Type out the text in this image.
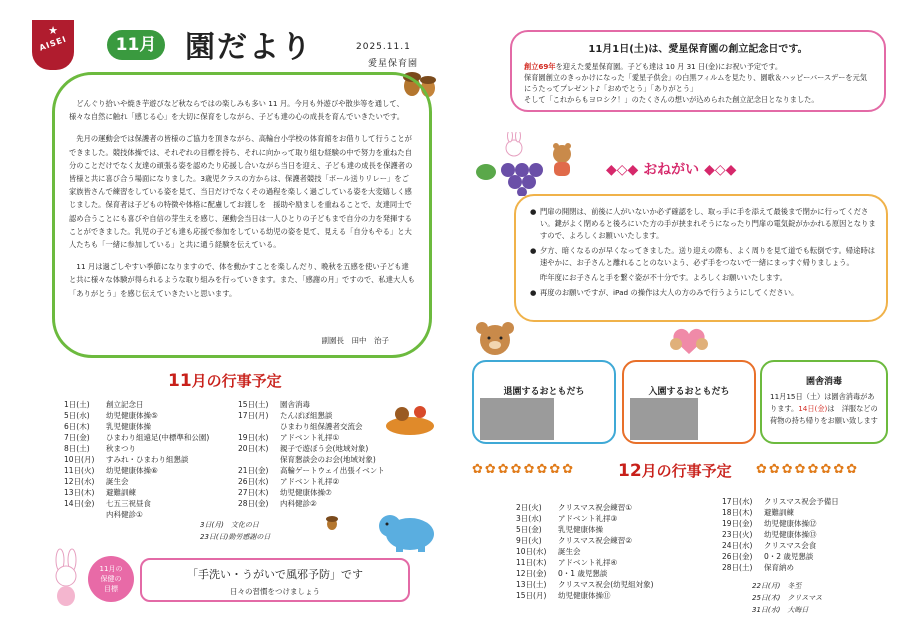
★
AISEI	11月 園だより	2025.11.1
愛星保育園

どんぐり拾いや焼き芋遊びなど秋ならではの楽しみも多い 11 月。今月も外遊びや散歩等を通して、様々な自然に触れ「感じる心」を大切に保育をしながら、子ども達の心の成長を育んでいきたいです。

先月の運動会では保護者の皆様のご協力を頂きながら、高輪台小学校の体育館をお借りして行うことができました。競技体操では、それぞれの目標を持ち、それに向かって取り組む経験の中で努力を重ねた自分のことだけでなく友達の頑張る姿を認めたり応援し合いながら当日を迎え、子ども達の成長を保護者の皆様と共に喜び合う場面になりました。3歳児クラスの方からは、保護者競技「ボール送りリレー」をご家族皆さんで練習をしている姿を見て、当日だけでなくその過程を楽しく過ごしている姿を大変嬉しく感じました。保育者は子どもの特徴や体格に配慮してお渡しを　援助や励ましを重ねることで、友達同士で認め合うことにも喜びや自信の芽生えを感じ、運動会当日は一人ひとりの子どもまで自分の力を発揮することができました。乳児の子ども達も応援で参加をしている幼児の姿を見て、見える「自分もやる」と大人たちも「一緒に参加している」と共に通う経験を伝えている。

11 月は過ごしやすい季節になりますので、体を動かすことを楽しんだり、晩秋を五感を使い子ども達と共に様々な体験が得られるような取り組みを行っていきます。また、「感謝の月」ですので、私達大人も「ありがとう」を感じ伝えていきたいと思います。

副園長　田中　治子
11月の行事予定
1日(土) 創立記念日
5日(水) 幼児健康体操⑤
6日(木) 乳児健康体操
7日(金) ひまわり組遠足(中標準和公園)
8日(土) 秋まつり
10日(月) すみれ・ひまわり組懇談
11日(火) 幼児健康体操⑥
12日(水) 誕生会
13日(木) 避難訓練
14日(金) 七五三祝昼食
内科健診①
15日(土) 園舎消毒
17日(月) たんぽぽ組懇談
ひまわり組保護者交流会
19日(水) アドベント礼拝①
20日(木) 親子で遊ぼう会(地域対象)
保育懇談会のお会(地域対象)
21日(金) 高輪ゲートウェイ出張イベント
26日(水) アドベント礼拝②
27日(木) 幼児健康体操⑦
28日(金) 内科健診②
3日(月)　文化の日
23日(日)勤労感謝の日
11月の
保健の
目標
「手洗い・うがいで風邪予防」です
日々の習慣をつけましょう
11月1日(土)は、愛星保育園の創立記念日です。
創立69年を迎えた愛星保育園。子ども達は 10 月 31 日(金)にお祝い予定です。
保育園創立のきっかけになった「愛星子供会」の白黒フィルムを見たり、園歌＆ハッピーバースデーを元気にうたってプレゼント♪「おめでとう」「ありがとう」
そして「これからもヨロシク！」のたくさんの想いが込められた創立記念日となりました。
◆◇◆ おねがい ◆◇◆
● 門扉の開閉は、前後に人がいないか必ず確認をし、取っ手に手を添えて最後まで閉かに行ってください。鍵がよく閉めると後ろにいた方の手が挟まれそうになったり門扉の電気錠がかかれる原因となりますので、よろしくお願いいたします。
● 夕方、暗くなるのが早くなってきました。送り迎えの際も、よく周りを見て道でも転倒です。帰途時は速やかに、お子さんと離れることのないよう、必ず手をつないで一緒にまっすぐ帰りましょう。
昨年度にお子さんと手を繋ぐ姿が不十分です。よろしくお願いいたします。
● 再度のお願いですが、iPad の操作は大人の方のみで行うようにしてください。
退園するおともだち	入園するおともだち
園舎消毒
11月15日（土）は園舎消毒があります。14日(金)は　洋服などの荷物の持ち帰りをお願い致します
✿✿✿✿✿✿✿✿	12月の行事予定 ✿✿✿✿✿✿✿✿
2日(火) クリスマス祝会練習①
3日(水) アドベント礼拝③
5日(金) 乳児健康体操
9日(火) クリスマス祝会練習②
10日(水) 誕生会
11日(木) アドベント礼拝④
12日(金) 0・1 歳児懇談
13日(土) クリスマス祝会(幼児組対象)
15日(月) 幼児健康体操⑪
17日(水) クリスマス祝会予備日
18日(木) 避難訓練
19日(金) 幼児健康体操⑫
23日(火) 幼児健康体操⑬
24日(水) クリスマス会食
26日(金) 0・2 歳児懇談
28日(土) 保育納め
22日(月)　冬至
25日(木)　クリスマス
31日(水)　大晦日
